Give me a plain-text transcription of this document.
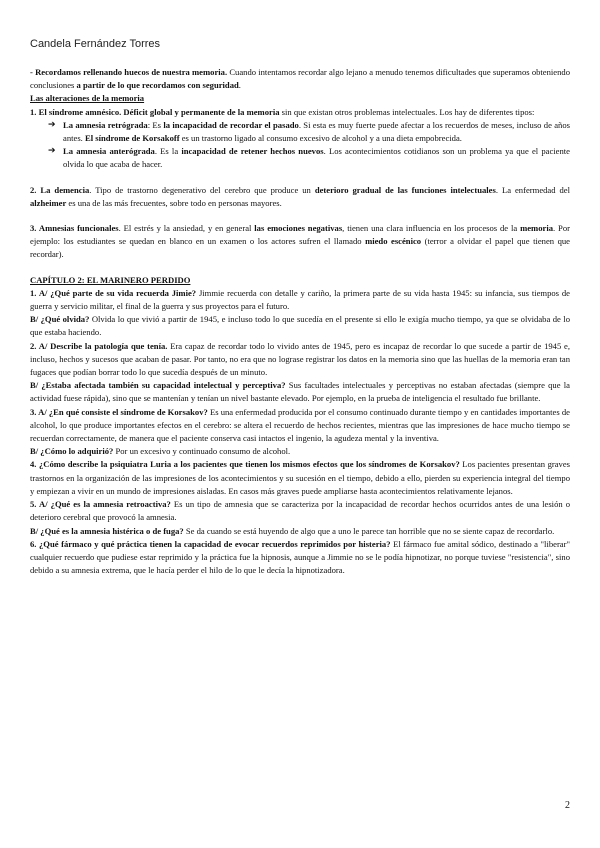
Candela Fernández Torres

- Recordamos rellenando huecos de nuestra memoria. Cuando intentamos recordar algo lejano a menudo tenemos dificultades que superamos obteniendo conclusiones a partir de lo que recordamos con seguridad.

Las alteraciones de la memoria

1. El síndrome amnésico. Déficit global y permanente de la memoria sin que existan otros problemas intelectuales. Los hay de diferentes tipos:

➔ La amnesia retrógrada: Es la incapacidad de recordar el pasado. Si esta es muy fuerte puede afectar a los recuerdos de meses, incluso de años antes. El síndrome de Korsakoff es un trastorno ligado al consumo excesivo de alcohol y a una dieta empobrecida.
➔ La amnesia anterógrada. Es la incapacidad de retener hechos nuevos. Los acontecimientos cotidianos son un problema ya que el paciente olvida lo que acaba de hacer.

2. La demencia. Tipo de trastorno degenerativo del cerebro que produce un deterioro gradual de las funciones intelectuales. La enfermedad del alzheimer es una de las más frecuentes, sobre todo en personas mayores.

3. Amnesias funcionales. El estrés y la ansiedad, y en general las emociones negativas, tienen una clara influencia en los procesos de la memoria. Por ejemplo: los estudiantes se quedan en blanco en un examen o los actores sufren el llamado miedo escénico (terror a olvidar el papel que tienen que recordar).

CAPÍTULO 2: EL MARINERO PERDIDO

1. A/ ¿Qué parte de su vida recuerda Jimie? Jimmie recuerda con detalle y cariño, la primera parte de su vida hasta 1945: su infancia, sus tiempos de guerra y servicio militar, el final de la guerra y sus proyectos para el futuro.

B/ ¿Qué olvida? Olvida lo que vivió a partir de 1945, e incluso todo lo que sucedía en el presente si ello le exigía mucho tiempo, ya que se olvidaba de lo que estaba haciendo.

2. A/ Describe la patología que tenía. Era capaz de recordar todo lo vivido antes de 1945, pero es incapaz de recordar lo que sucede a partir de 1945 e, incluso, hechos y sucesos que acaban de pasar. Por tanto, no era que no lograse registrar los datos en la memoria sino que las huellas de la memoria eran tan fugaces que podían borrar todo lo que sucedía después de un minuto.

B/ ¿Estaba afectada también su capacidad intelectual y perceptiva? Sus facultades intelectuales y perceptivas no estaban afectadas (siempre que la actividad fuese rápida), sino que se mantenían y tenían un nivel bastante elevado. Por ejemplo, en la prueba de inteligencia el resultado fue brillante.

3. A/ ¿En qué consiste el síndrome de Korsakov? Es una enfermedad producida por el consumo continuado durante tiempo y en cantidades importantes de alcohol, lo que produce importantes efectos en el cerebro: se altera el recuerdo de hechos recientes, mientras que las impresiones de hace mucho tiempo se recuerdan correctamente, de manera que el paciente conserva casi intactos el ingenio, la agudeza mental y la inventiva.

B/ ¿Cómo lo adquirió? Por un excesivo y continuado consumo de alcohol.

4. ¿Cómo describe la psiquiatra Luria a los pacientes que tienen los mismos efectos que los síndromes de Korsakov? Los pacientes presentan graves trastornos en la organización de las impresiones de los acontecimientos y su sucesión en el tiempo, debido a ello, pierden su experiencia integral del tiempo y empiezan a vivir en un mundo de impresiones aisladas. En casos más graves puede ampliarse hasta acontecimientos relativamente lejanos.

5. A/ ¿Qué es la amnesia retroactiva? Es un tipo de amnesia que se caracteriza por la incapacidad de recordar hechos ocurridos antes de una lesión o deterioro cerebral que provocó la amnesia.

B/ ¿Qué es la amnesia histérica o de fuga? Se da cuando se está huyendo de algo que a uno le parece tan horrible que no se siente capaz de recordarlo.

6. ¿Qué fármaco y qué práctica tienen la capacidad de evocar recuerdos reprimidos por histeria? El fármaco fue amital sódico, destinado a "liberar" cualquier recuerdo que pudiese estar reprimido y la práctica fue la hipnosis, aunque a Jimmie no se le podía hipnotizar, no porque tuviese "resistencia", sino debido a su amnesia extrema, que le hacía perder el hilo de lo que le decía la hipnotizadora.

2
